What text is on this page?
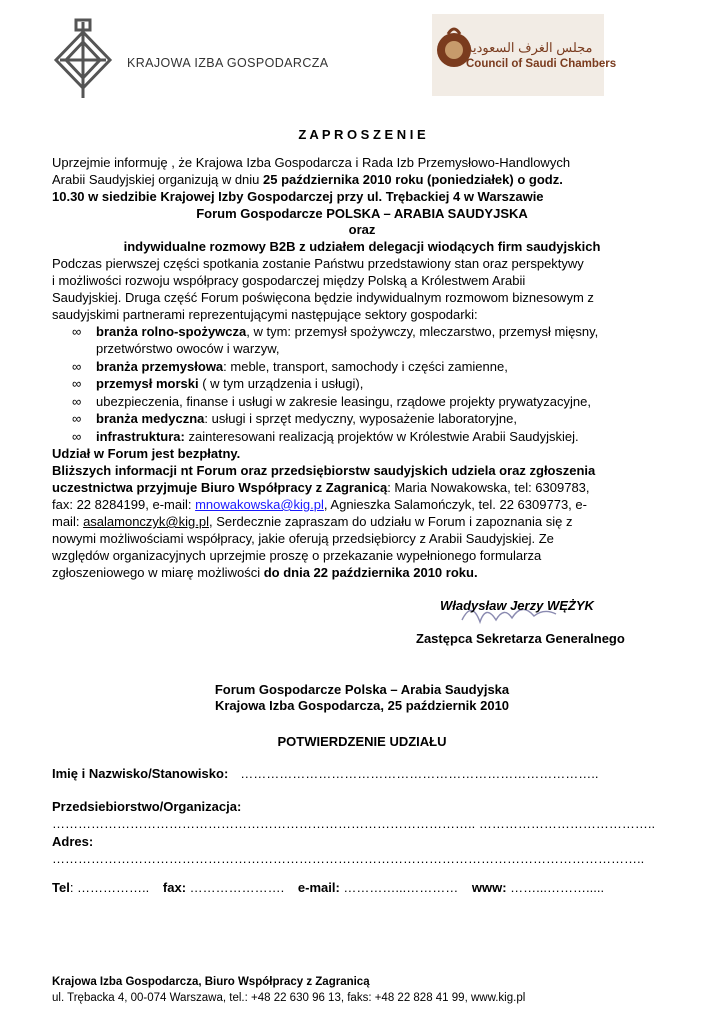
KRAJOWA IZBA GOSPODARCZA
مجلس الغرف السعودية
Council of Saudi Chambers
Z A P R O S Z E N I E
Uprzejmie informuję , że Krajowa Izba Gospodarcza i Rada Izb Przemysłowo-Handlowych
Arabii Saudyjskiej organizują w dniu 25 października 2010 roku (poniedziałek) o godz.
10.30 w siedzibie Krajowej Izby Gospodarczej przy ul. Trębackiej 4 w Warszawie
Forum Gospodarcze POLSKA – ARABIA SAUDYJSKA
oraz
indywidualne rozmowy B2B z udziałem delegacji wiodących firm saudyjskich
Podczas pierwszej części spotkania zostanie Państwu przedstawiony stan oraz perspektywy
i możliwości rozwoju współpracy gospodarczej między Polską a Królestwem Arabii
Saudyjskiej. Druga część Forum poświęcona będzie indywidualnym rozmowom biznesowym z
saudyjskimi partnerami reprezentującymi następujące sektory gospodarki:
∞ branża rolno-spożywcza, w tym: przemysł spożywczy, mleczarstwo, przemysł mięsny,
przetwórstwo owoców i warzyw,
∞ branża przemysłowa: meble, transport, samochody i części zamienne,
∞ przemysł morski ( w tym urządzenia i usługi),
∞ ubezpieczenia, finanse i usługi w zakresie leasingu, rządowe projekty prywatyzacyjne,
∞ branża medyczna: usługi i sprzęt medyczny, wyposażenie laboratoryjne,
∞ infrastruktura: zainteresowani realizacją projektów w Królestwie Arabii Saudyjskiej.
Udział w Forum jest bezpłatny.
Bliższych informacji nt Forum oraz przedsiębiorstw saudyjskich udziela oraz zgłoszenia
uczestnictwa przyjmuje Biuro Współpracy z Zagranicą: Maria Nowakowska, tel: 6309783,
fax: 22 8284199, e-mail: mnowakowska@kig.pl, Agnieszka Salamończyk, tel. 22 6309773, e-
mail: asalamonczyk@kig.pl, Serdecznie zapraszam do udziału w Forum i zapoznania się z
nowymi możliwościami współpracy, jakie oferują przedsiębiorcy z Arabii Saudyjskiej. Ze
względów organizacyjnych uprzejmie proszę o przekazanie wypełnionego formularza
zgłoszeniowego w miarę możliwości do dnia 22 października 2010 roku.
Władysław Jerzy WĘŻYK
Zastępca Sekretarza Generalnego
Forum Gospodarcze Polska – Arabia Saudyjska
Krajowa Izba Gospodarcza, 25 październik 2010
POTWIERDZENIE UDZIAŁU
Imię i Nazwisko/Stanowisko: ………………………………………………………………………..
Przedsiebiorstwo/Organizacja:
…………………………………………………………………………………….. …………………………………..
Adres:
………………………………………………………………………………………………………………………..
Tel: …………….. fax: …………………. e-mail: …………...………… www: ……...……….....
Krajowa Izba Gospodarcza, Biuro Współpracy z Zagranicą
ul. Trębacka 4, 00-074 Warszawa, tel.: +48 22 630 96 13, faks: +48 22 828 41 99, www.kig.pl
